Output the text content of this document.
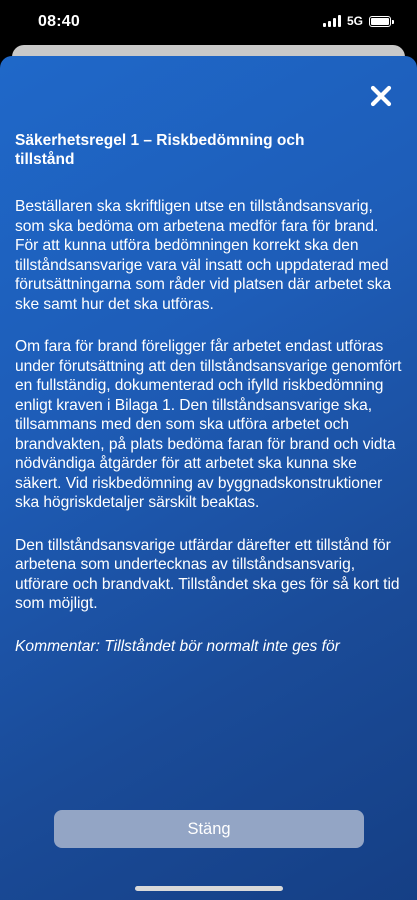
08:40	5G
Säkerhetsregel 1 – Riskbedömning och tillstånd

Beställaren ska skriftligen utse en tillståndsansvarig, som ska bedöma om arbetena medför fara för brand. För att kunna utföra bedömningen korrekt ska den tillståndsansvarige vara väl insatt och uppdaterad med förutsättningarna som råder vid platsen där arbetet ska ske samt hur det ska utföras.

Om fara för brand föreligger får arbetet endast utföras under förutsättning att den tillståndsansvarige genomfört en fullständig, dokumenterad och ifylld riskbedömning enligt kraven i Bilaga 1. Den tillståndsansvarige ska, tillsammans med den som ska utföra arbetet och brandvakten, på plats bedöma faran för brand och vidta nödvändiga åtgärder för att arbetet ska kunna ske säkert. Vid riskbedömning av byggnadskonstruktioner ska högriskdetaljer särskilt beaktas.

Den tillståndsansvarige utfärdar därefter ett tillstånd för arbetena som undertecknas av tillståndsansvarig, utförare och brandvakt. Tillståndet ska ges för så kort tid som möjligt.

Kommentar: Tillståndet bör normalt inte ges för

Stäng
